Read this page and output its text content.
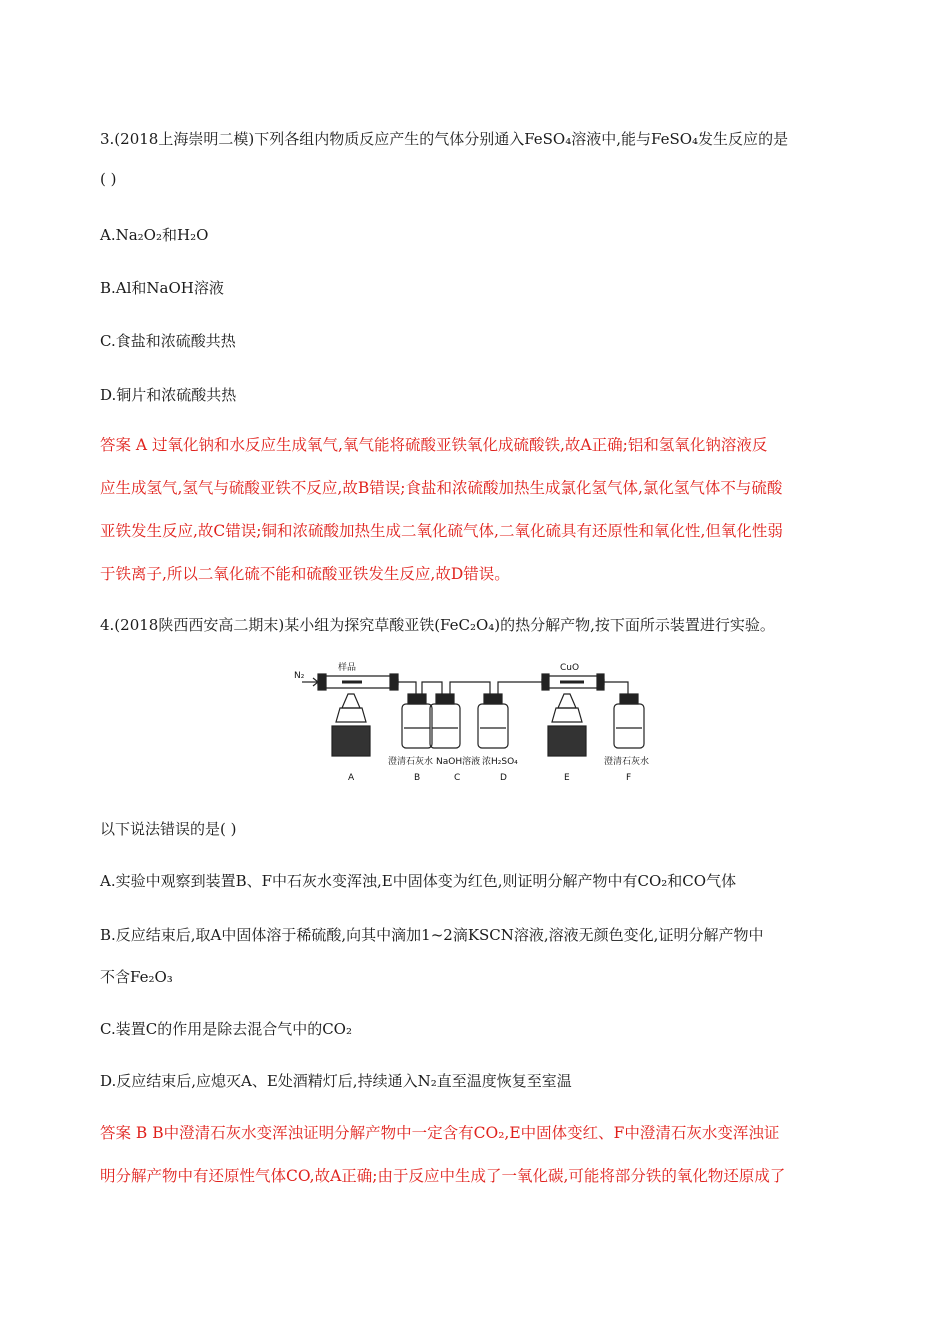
3.(2018上海崇明二模)下列各组内物质反应产生的气体分别通入FeSO₄溶液中,能与FeSO₄发生反应的是
( )
A.Na₂O₂和H₂O
B.Al和NaOH溶液
C.食盐和浓硫酸共热
D.铜片和浓硫酸共热
答案 A 过氧化钠和水反应生成氧气,氧气能将硫酸亚铁氧化成硫酸铁,故A正确;铝和氢氧化钠溶液反
应生成氢气,氢气与硫酸亚铁不反应,故B错误;食盐和浓硫酸加热生成氯化氢气体,氯化氢气体不与硫酸
亚铁发生反应,故C错误;铜和浓硫酸加热生成二氧化硫气体,二氧化硫具有还原性和氧化性,但氧化性弱
于铁离子,所以二氧化硫不能和硫酸亚铁发生反应,故D错误。
4.(2018陕西西安高二期末)某小组为探究草酸亚铁(FeC₂O₄)的热分解产物,按下面所示装置进行实验。
N₂
样品	CuO
澄清石灰水 NaOH溶液 浓H₂SO₄	澄清石灰水
A	B	C	D	E	F
以下说法错误的是( )
A.实验中观察到装置B、F中石灰水变浑浊,E中固体变为红色,则证明分解产物中有CO₂和CO气体
B.反应结束后,取A中固体溶于稀硫酸,向其中滴加1~2滴KSCN溶液,溶液无颜色变化,证明分解产物中
不含Fe₂O₃
C.装置C的作用是除去混合气中的CO₂
D.反应结束后,应熄灭A、E处酒精灯后,持续通入N₂直至温度恢复至室温
答案 B B中澄清石灰水变浑浊证明分解产物中一定含有CO₂,E中固体变红、F中澄清石灰水变浑浊证
明分解产物中有还原性气体CO,故A正确;由于反应中生成了一氧化碳,可能将部分铁的氧化物还原成了
